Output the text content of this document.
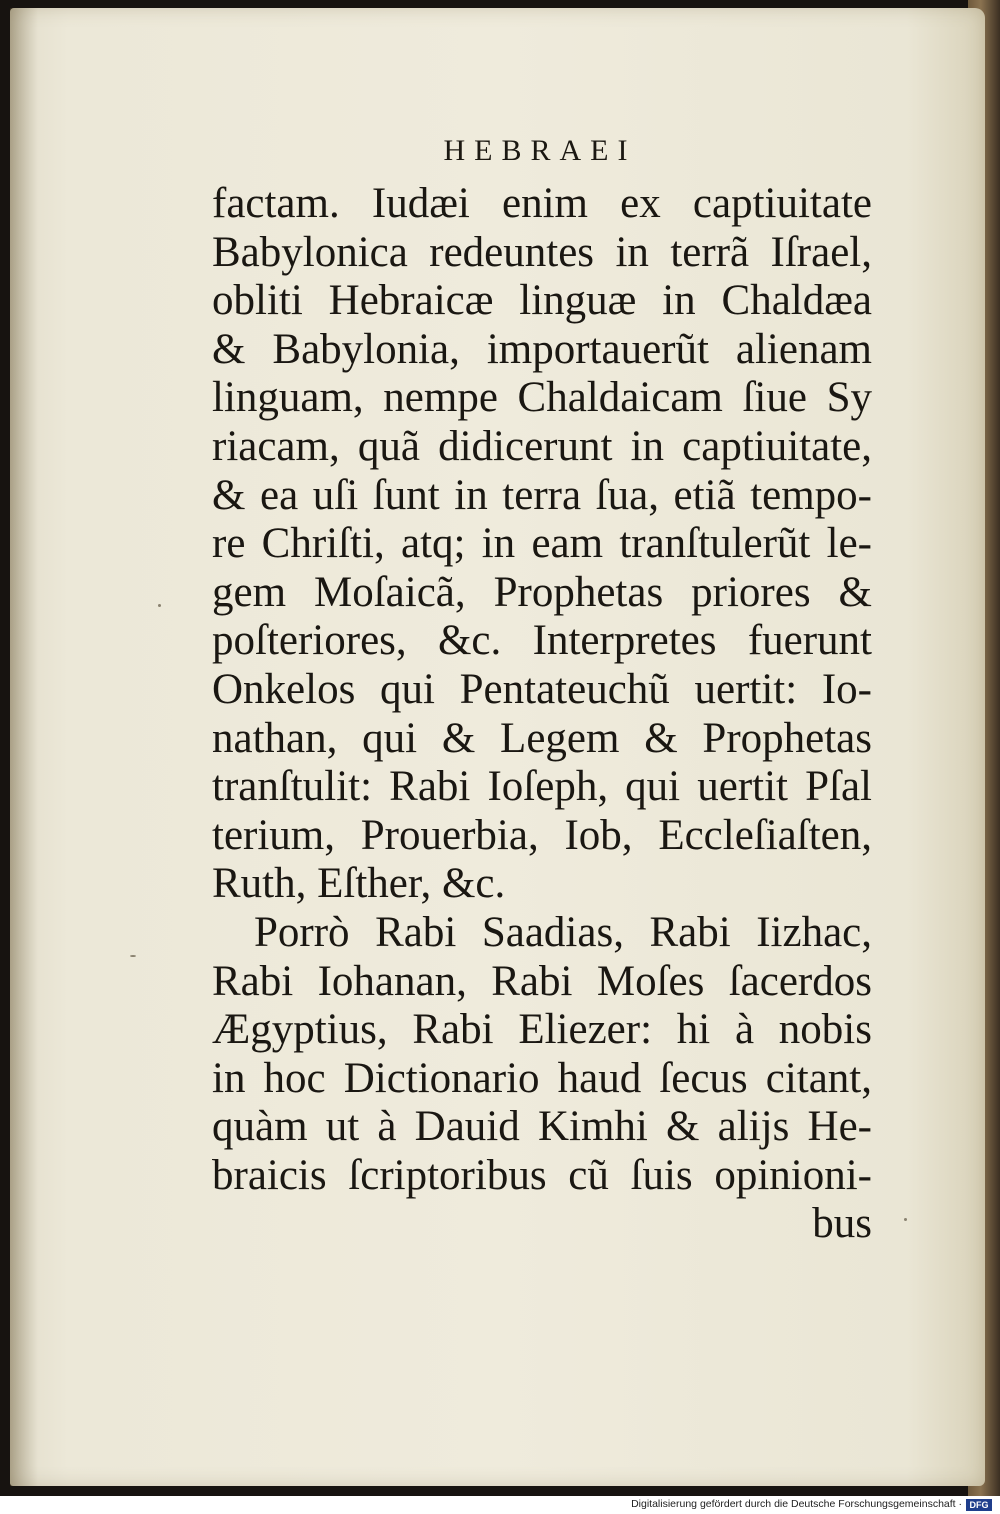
HEBRAEI
factam. Iudæi enim ex captiuitate
Babylonica redeuntes in terrã Iſrael,
obliti Hebraicæ linguæ in Chaldæa
& Babylonia, importauerũt alienam
linguam, nempe Chaldaicam ſiue Sy
riacam, quã didicerunt in captiuitate,
& ea uſi ſunt in terra ſua, etiã tempo-
re Chriſti, atq; in eam tranſtulerũt le-
gem Moſaicã, Prophetas priores &
poſteriores, &c. Interpretes fuerunt
Onkelos qui Pentateuchũ uertit: Io-
nathan, qui & Legem & Prophetas
tranſtulit: Rabi Ioſeph, qui uertit Pſal
terium, Prouerbia, Iob, Eccleſiaſten,
Ruth, Eſther, &c.
Porrò Rabi Saadias, Rabi Iizhac,
Rabi Iohanan, Rabi Moſes ſacerdos
Ægyptius, Rabi Eliezer: hi à nobis
in hoc Dictionario haud ſecus citant,
quàm ut à Dauid Kimhi & alijs He-
braicis ſcriptoribus cũ ſuis opinioni-
bus
Digitalisierung gefördert durch die Deutsche Forschungsgemeinschaft · DFG
